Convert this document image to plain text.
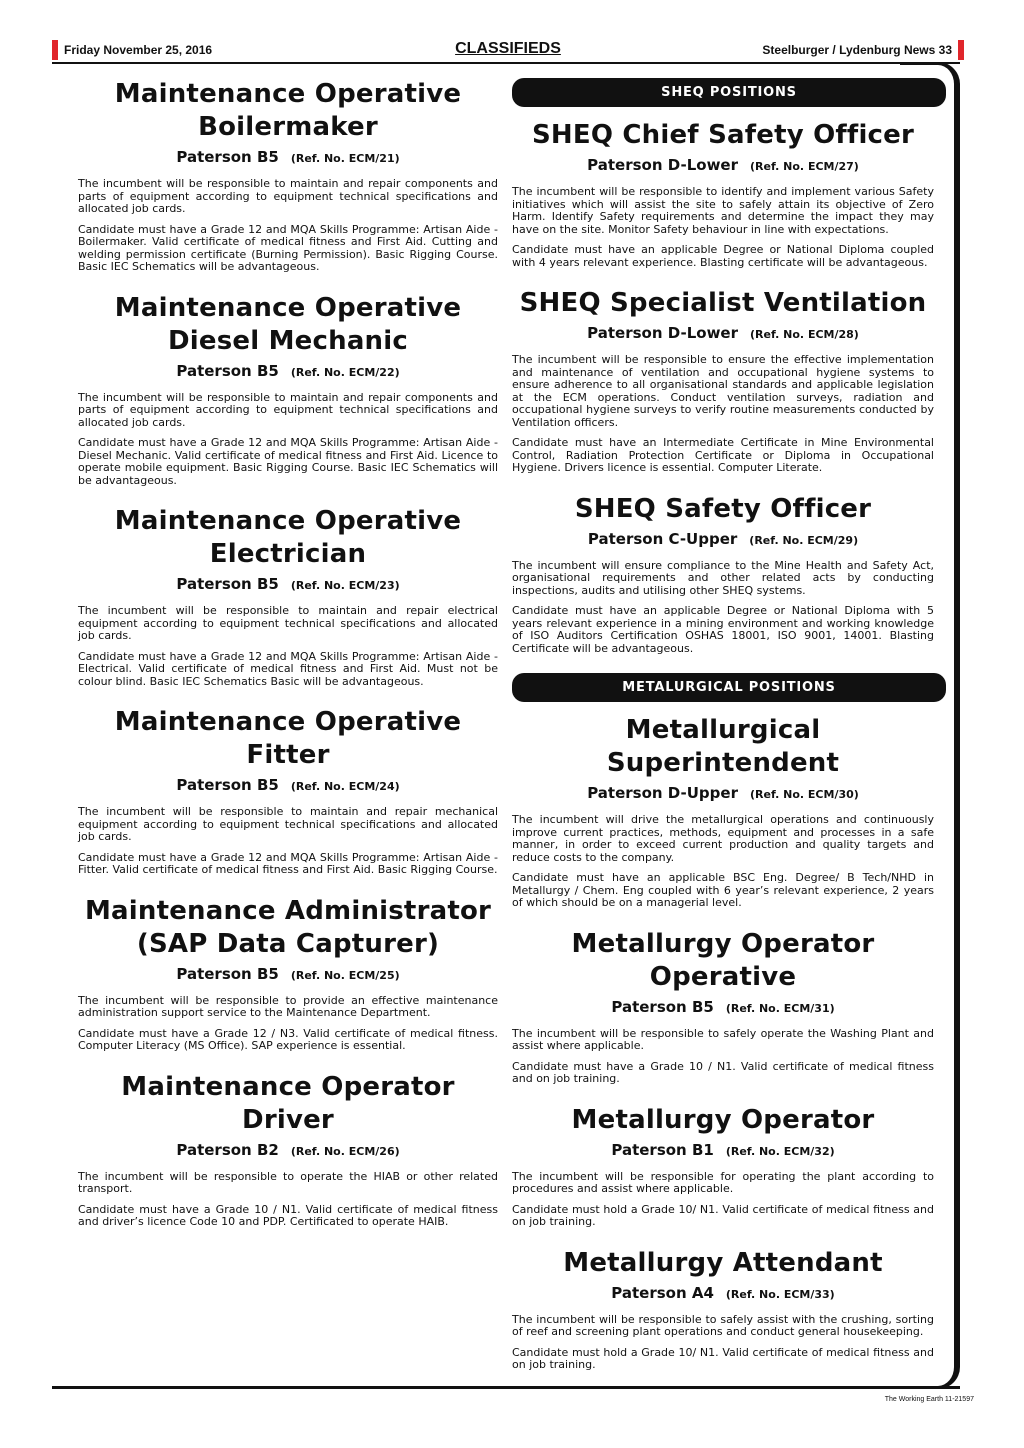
Friday November 25, 2016	CLASSIFIEDS	Steelburger / Lydenburg News 33
Maintenance Operative
Boilermaker
Paterson B5 (Ref. No. ECM/21)

The incumbent will be responsible to maintain and repair components and parts of equipment according to equipment technical specifications and allocated job cards.

Candidate must have a Grade 12 and MQA Skills Programme: Artisan Aide - Boilermaker. Valid certificate of medical fitness and First Aid. Cutting and welding permission certificate (Burning Permission). Basic Rigging Course. Basic IEC Schematics will be advantageous.

Maintenance Operative
Diesel Mechanic
Paterson B5 (Ref. No. ECM/22)

The incumbent will be responsible to maintain and repair components and parts of equipment according to equipment technical specifications and allocated job cards.

Candidate must have a Grade 12 and MQA Skills Programme: Artisan Aide - Diesel Mechanic. Valid certificate of medical fitness and First Aid. Licence to operate mobile equipment. Basic Rigging Course. Basic IEC Schematics will be advantageous.

Maintenance Operative
Electrician
Paterson B5 (Ref. No. ECM/23)

The incumbent will be responsible to maintain and repair electrical equipment according to equipment technical specifications and allocated job cards.

Candidate must have a Grade 12 and MQA Skills Programme: Artisan Aide - Electrical. Valid certificate of medical fitness and First Aid. Must not be colour blind. Basic IEC Schematics Basic will be advantageous.

Maintenance Operative
Fitter
Paterson B5 (Ref. No. ECM/24)

The incumbent will be responsible to maintain and repair mechanical equipment according to equipment technical specifications and allocated job cards.

Candidate must have a Grade 12 and MQA Skills Programme: Artisan Aide - Fitter. Valid certificate of medical fitness and First Aid. Basic Rigging Course.

Maintenance Administrator
(SAP Data Capturer)
Paterson B5 (Ref. No. ECM/25)

The incumbent will be responsible to provide an effective maintenance administration support service to the Maintenance Department.

Candidate must have a Grade 12 / N3. Valid certificate of medical fitness. Computer Literacy (MS Office). SAP experience is essential.

Maintenance Operator
Driver
Paterson B2 (Ref. No. ECM/26)

The incumbent will be responsible to operate the HIAB or other related transport.

Candidate must have a Grade 10 / N1. Valid certificate of medical fitness and driver’s licence Code 10 and PDP. Certificated to operate HAIB.

SHEQ POSITIONS
SHEQ Chief Safety Officer
Paterson D-Lower (Ref. No. ECM/27)

The incumbent will be responsible to identify and implement various Safety initiatives which will assist the site to safely attain its objective of Zero Harm. Identify Safety requirements and determine the impact they may have on the site. Monitor Safety behaviour in line with expectations.

Candidate must have an applicable Degree or National Diploma coupled with 4 years relevant experience. Blasting certificate will be advantageous.

SHEQ Specialist Ventilation
Paterson D-Lower (Ref. No. ECM/28)

The incumbent will be responsible to ensure the effective implementation and maintenance of ventilation and occupational hygiene systems to ensure adherence to all organisational standards and applicable legislation at the ECM operations. Conduct ventilation surveys, radiation and occupational hygiene surveys to verify routine measurements conducted by Ventilation officers.

Candidate must have an Intermediate Certificate in Mine Environmental Control, Radiation Protection Certificate or Diploma in Occupational Hygiene. Drivers licence is essential. Computer Literate.

SHEQ Safety Officer
Paterson C-Upper (Ref. No. ECM/29)

The incumbent will ensure compliance to the Mine Health and Safety Act, organisational requirements and other related acts by conducting inspections, audits and utilising other SHEQ systems.

Candidate must have an applicable Degree or National Diploma with 5 years relevant experience in a mining environment and working knowledge of ISO Auditors Certification OSHAS 18001, ISO 9001, 14001. Blasting Certificate will be advantageous.

METALURGICAL POSITIONS
Metallurgical
Superintendent
Paterson D-Upper (Ref. No. ECM/30)

The incumbent will drive the metallurgical operations and continuously improve current practices, methods, equipment and processes in a safe manner, in order to exceed current production and quality targets and reduce costs to the company.

Candidate must have an applicable BSC Eng. Degree/ B Tech/NHD in Metallurgy / Chem. Eng coupled with 6 year’s relevant experience, 2 years of which should be on a managerial level.

Metallurgy Operator
Operative
Paterson B5 (Ref. No. ECM/31)

The incumbent will be responsible to safely operate the Washing Plant and assist where applicable.

Candidate must have a Grade 10 / N1. Valid certificate of medical fitness and on job training.

Metallurgy Operator
Paterson B1 (Ref. No. ECM/32)

The incumbent will be responsible for operating the plant according to procedures and assist where applicable.

Candidate must hold a Grade 10/ N1. Valid certificate of medical fitness and on job training.

Metallurgy Attendant
Paterson A4 (Ref. No. ECM/33)

The incumbent will be responsible to safely assist with the crushing, sorting of reef and screening plant operations and conduct general housekeeping.

Candidate must hold a Grade 10/ N1. Valid certificate of medical fitness and on job training.

The Working Earth 11-21597
